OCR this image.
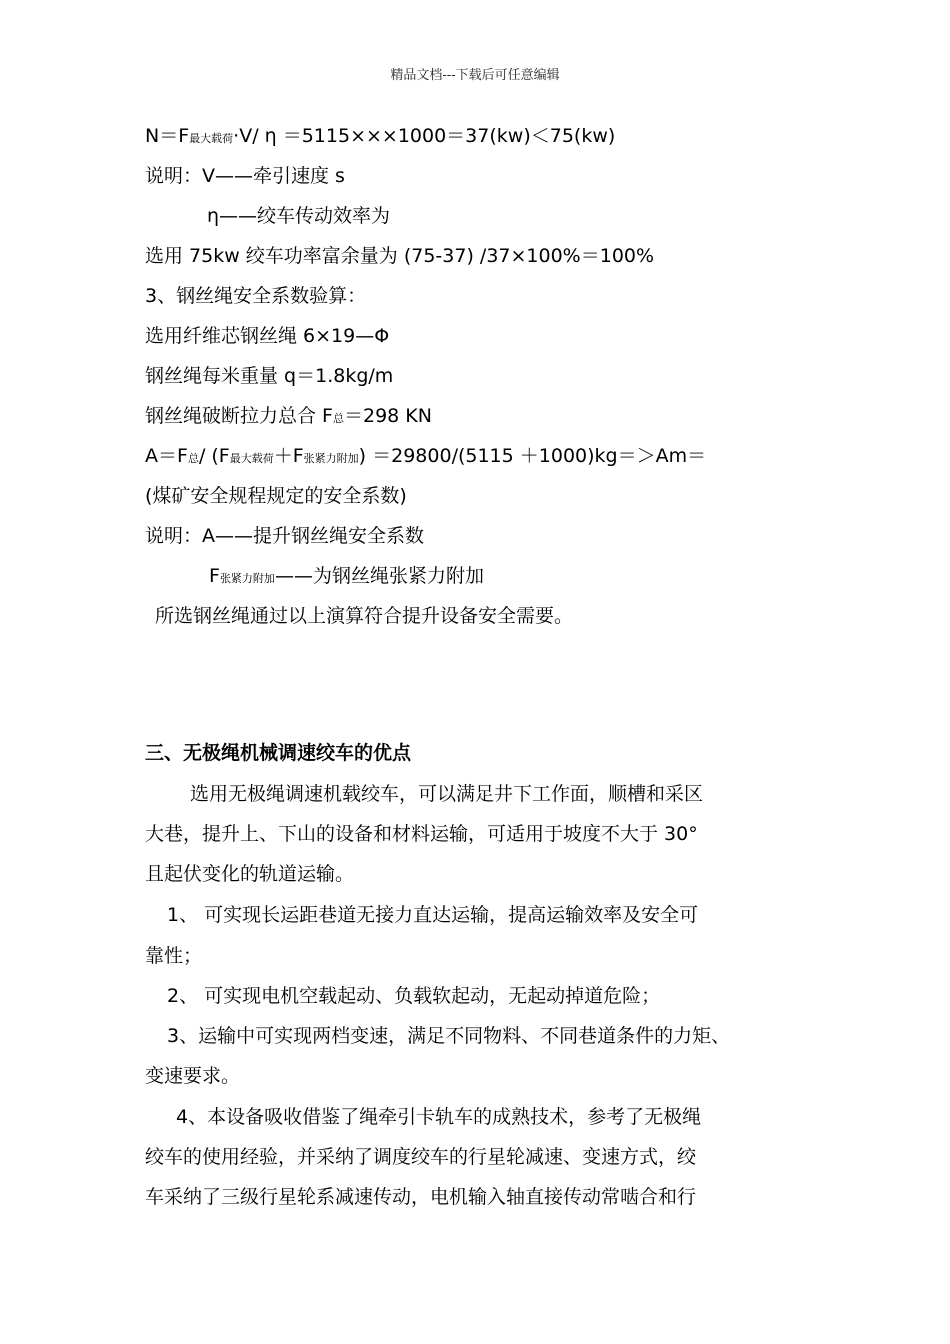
精品文档---下载后可任意编辑
N＝F最大载荷·V/ η ＝5115×××1000＝37(kw)＜75(kw)
说明：V——牵引速度 s
η——绞车传动效率为
选用 75kw 绞车功率富余量为 (75-37) /37×100%＝100%
3、钢丝绳安全系数验算：
选用纤维芯钢丝绳 6×19—Φ
钢丝绳每米重量 q＝1.8kg/m
钢丝绳破断拉力总合 F总＝298 KN
A＝F总/ (F最大载荷＋F张紧力附加) ＝29800/(5115 ＋1000)kg＝＞Am＝
(煤矿安全规程规定的安全系数)
说明：A——提升钢丝绳安全系数
F张紧力附加——为钢丝绳张紧力附加
所选钢丝绳通过以上演算符合提升设备安全需要。
三、无极绳机械调速绞车的优点
选用无极绳调速机载绞车，可以满足井下工作面，顺槽和采区
大巷，提升上、下山的设备和材料运输，可适用于坡度不大于 30°
且起伏变化的轨道运输。
1、 可实现长运距巷道无接力直达运输，提高运输效率及安全可
靠性；
2、 可实现电机空载起动、负载软起动，无起动掉道危险；
3、运输中可实现两档变速，满足不同物料、不同巷道条件的力矩、
变速要求。
4、本设备吸收借鉴了绳牵引卡轨车的成熟技术，参考了无极绳
绞车的使用经验，并采纳了调度绞车的行星轮减速、变速方式，绞
车采纳了三级行星轮系减速传动，电机输入轴直接传动常啮合和行
